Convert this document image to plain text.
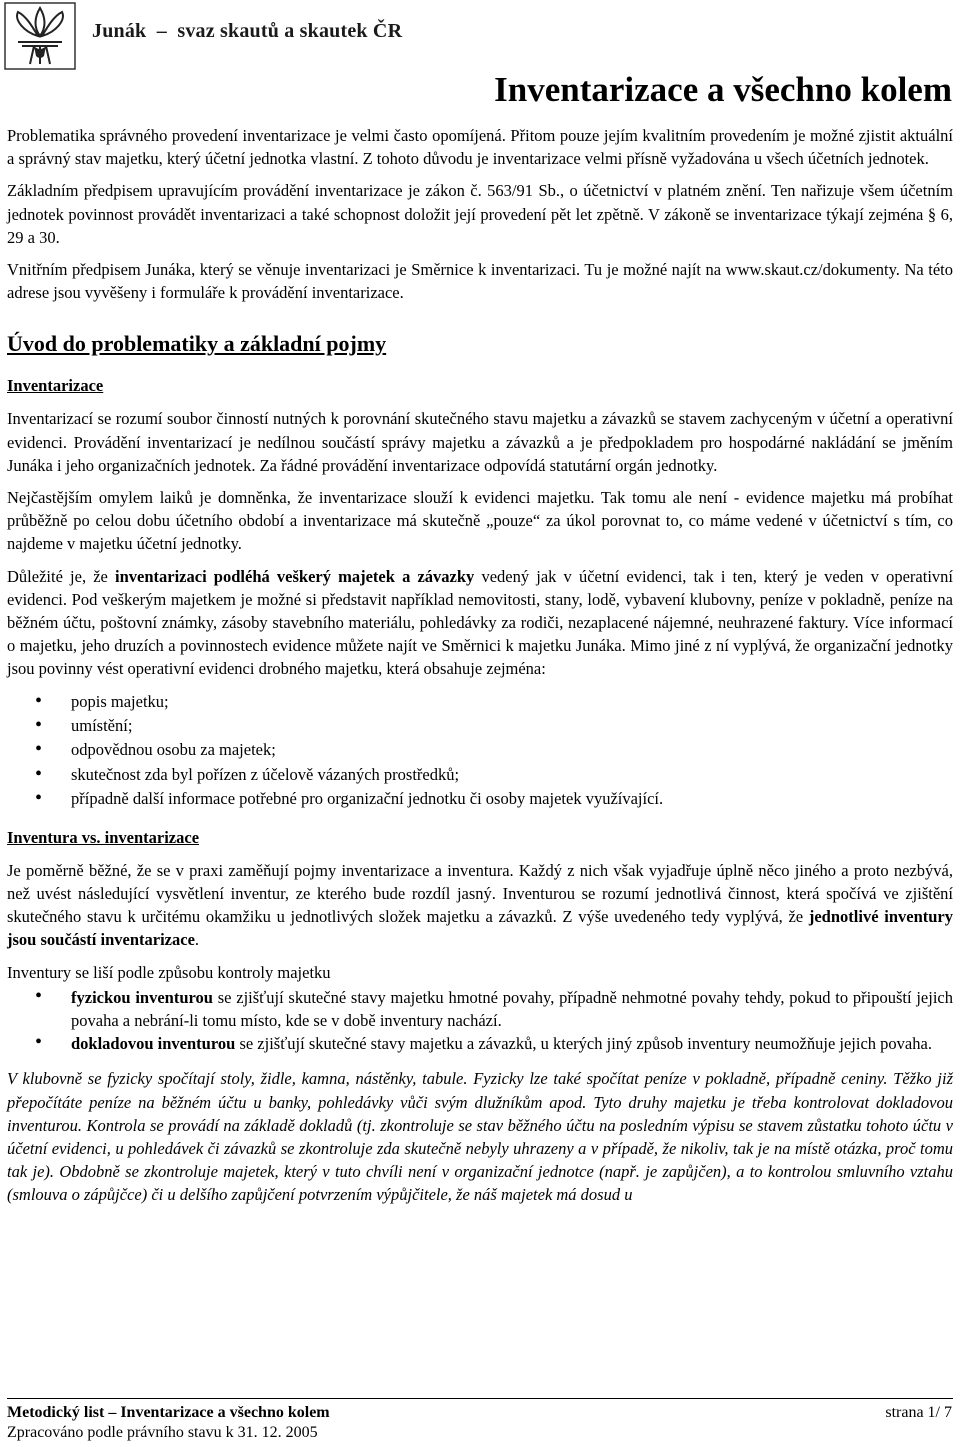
Junák  –  svaz skautů a skautek ČR
Inventarizace a všechno kolem

Problematika správného provedení inventarizace je velmi často opomíjená. Přitom pouze jejím kvalitním provedením je možné zjistit aktuální a správný stav majetku, který účetní jednotka vlastní. Z tohoto důvodu je inventarizace velmi přísně vyžadována u všech účetních jednotek.

Základním předpisem upravujícím provádění inventarizace je zákon č. 563/91 Sb., o účetnictví v platném znění. Ten nařizuje všem účetním jednotek povinnost provádět inventarizaci a také schopnost doložit její provedení pět let zpětně. V zákoně se inventarizace týkají zejména § 6, 29 a 30.

Vnitřním předpisem Junáka, který se věnuje inventarizaci je Směrnice k inventarizaci. Tu je možné najít na www.skaut.cz/dokumenty. Na této adrese jsou vyvěšeny i formuláře k provádění inventarizace.

Úvod do problematiky a základní pojmy
Inventarizace

Inventarizací se rozumí soubor činností nutných k porovnání skutečného stavu majetku a závazků se stavem zachyceným v účetní a operativní evidenci. Provádění inventarizací je nedílnou součástí správy majetku a závazků a je předpokladem pro hospodárné nakládání se jměním Junáka i jeho organizačních jednotek. Za řádné provádění inventarizace odpovídá statutární orgán jednotky.

Nejčastějším omylem laiků je domněnka, že inventarizace slouží k evidenci majetku. Tak tomu ale není - evidence majetku má probíhat průběžně po celou dobu účetního období a inventarizace má skutečně „pouze“ za úkol porovnat to, co máme vedené v účetnictví s tím, co najdeme v majetku účetní jednotky.

Důležité je, že inventarizaci podléhá veškerý majetek a závazky vedený jak v účetní evidenci, tak i ten, který je veden v operativní evidenci. Pod veškerým majetkem je možné si představit například nemovitosti, stany, lodě, vybavení klubovny, peníze v pokladně, peníze na běžném účtu, poštovní známky, zásoby stavebního materiálu, pohledávky za rodiči, nezaplacené nájemné, neuhrazené faktury. Více informací o majetku, jeho druzích a povinnostech evidence můžete najít ve Směrnici k majetku Junáka. Mimo jiné z ní vyplývá, že organizační jednotky jsou povinny vést operativní evidenci drobného majetku, která obsahuje zejména:

• popis majetku;
• umístění;
• odpovědnou osobu za majetek;
• skutečnost zda byl pořízen z účelově vázaných prostředků;
• případně další informace potřebné pro organizační jednotku či osoby majetek využívající.
Inventura vs. inventarizace

Je poměrně běžné, že se v praxi zaměňují pojmy inventarizace a inventura. Každý z nich však vyjadřuje úplně něco jiného a proto nezbývá, než uvést následující vysvětlení inventur, ze kterého bude rozdíl jasný. Inventurou se rozumí jednotlivá činnost, která spočívá ve zjištění skutečného stavu k určitému okamžiku u jednotlivých složek majetku a závazků. Z výše uvedeného tedy vyplývá, že jednotlivé inventury jsou součástí inventarizace.

Inventury se liší podle způsobu kontroly majetku

• fyzickou inventurou se zjišťují skutečné stavy majetku hmotné povahy, případně nehmotné povahy tehdy, pokud to připouští jejich povaha a nebrání-li tomu místo, kde se v době inventury nachází.
• dokladovou inventurou se zjišťují skutečné stavy majetku a závazků, u kterých jiný způsob inventury neumožňuje jejich povaha.

V klubovně se fyzicky spočítají stoly, židle, kamna, nástěnky, tabule. Fyzicky lze také spočítat peníze v pokladně, případně ceniny. Těžko již přepočítáte peníze na běžném účtu u banky, pohledávky vůči svým dlužníkům apod. Tyto druhy majetku je třeba kontrolovat dokladovou inventurou. Kontrola se provádí na základě dokladů (tj. zkontroluje se stav běžného účtu na posledním výpisu se stavem zůstatku tohoto účtu v účetní evidenci, u pohledávek či závazků se zkontroluje zda skutečně nebyly uhrazeny a v případě, že nikoliv, tak je na místě otázka, proč tomu tak je). Obdobně se zkontroluje majetek, který v tuto chvíli není v organizační jednotce (např. je zapůjčen), a to kontrolou smluvního vztahu (smlouva o zápůjčce) či u delšího zapůjčení potvrzením výpůjčitele, že náš majetek má dosud u

Metodický list – Inventarizace a všechno kolem	strana 1/ 7
Zpracováno podle právního stavu k 31. 12. 2005
